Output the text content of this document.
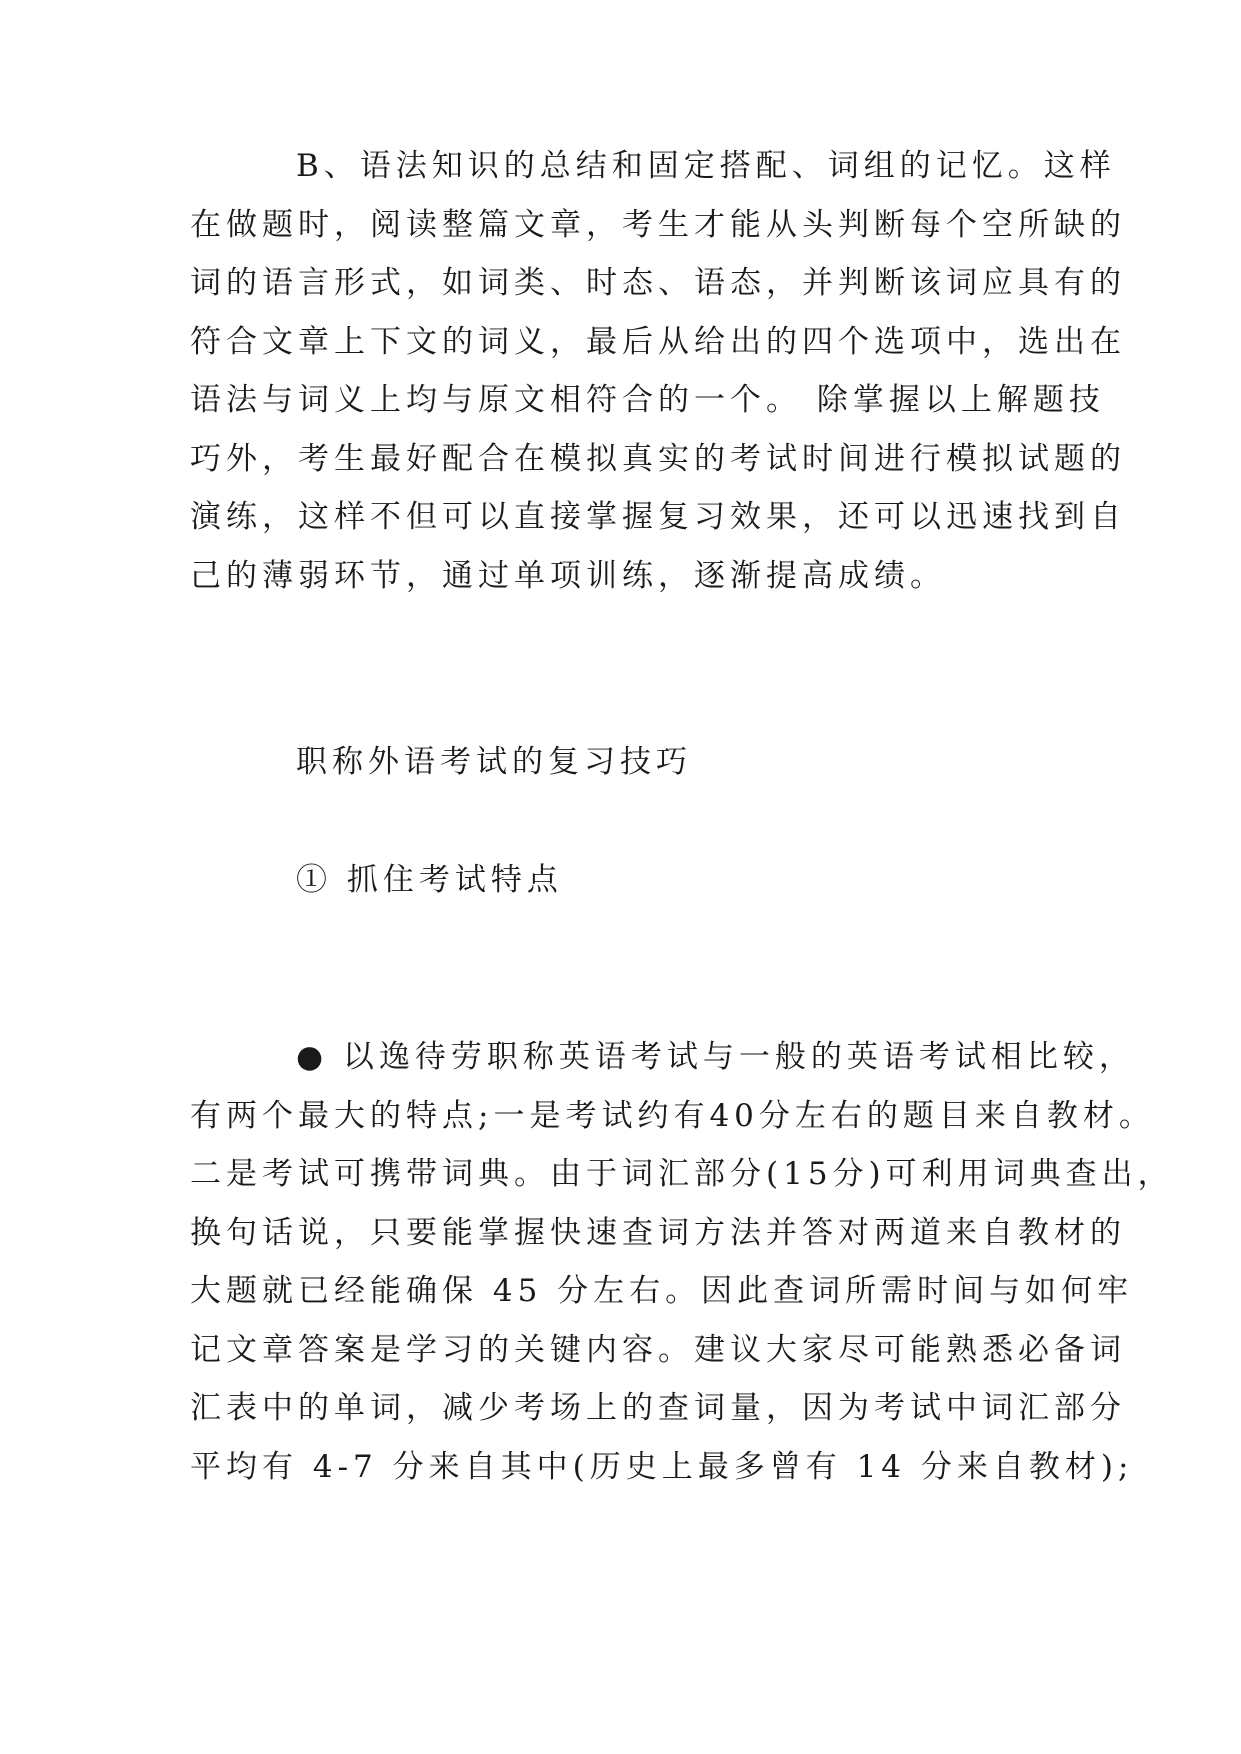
B、语法知识的总结和固定搭配、词组的记忆。这样
在做题时，阅读整篇文章，考生才能从头判断每个空所缺的
词的语言形式，如词类、时态、语态，并判断该词应具有的
符合文章上下文的词义，最后从给出的四个选项中，选出在
语法与词义上均与原文相符合的一个。 除掌握以上解题技
巧外，考生最好配合在模拟真实的考试时间进行模拟试题的
演练，这样不但可以直接掌握复习效果，还可以迅速找到自
己的薄弱环节，通过单项训练，逐渐提高成绩。
职称外语考试的复习技巧
① 抓住考试特点
● 以逸待劳职称英语考试与一般的英语考试相比较，
有两个最大的特点;一是考试约有40分左右的题目来自教材。
二是考试可携带词典。由于词汇部分(15分)可利用词典查出，
换句话说，只要能掌握快速查词方法并答对两道来自教材的
大题就已经能确保 45 分左右。因此查词所需时间与如何牢
记文章答案是学习的关键内容。建议大家尽可能熟悉必备词
汇表中的单词，减少考场上的查词量，因为考试中词汇部分
平均有 4-7 分来自其中(历史上最多曾有 14 分来自教材);
